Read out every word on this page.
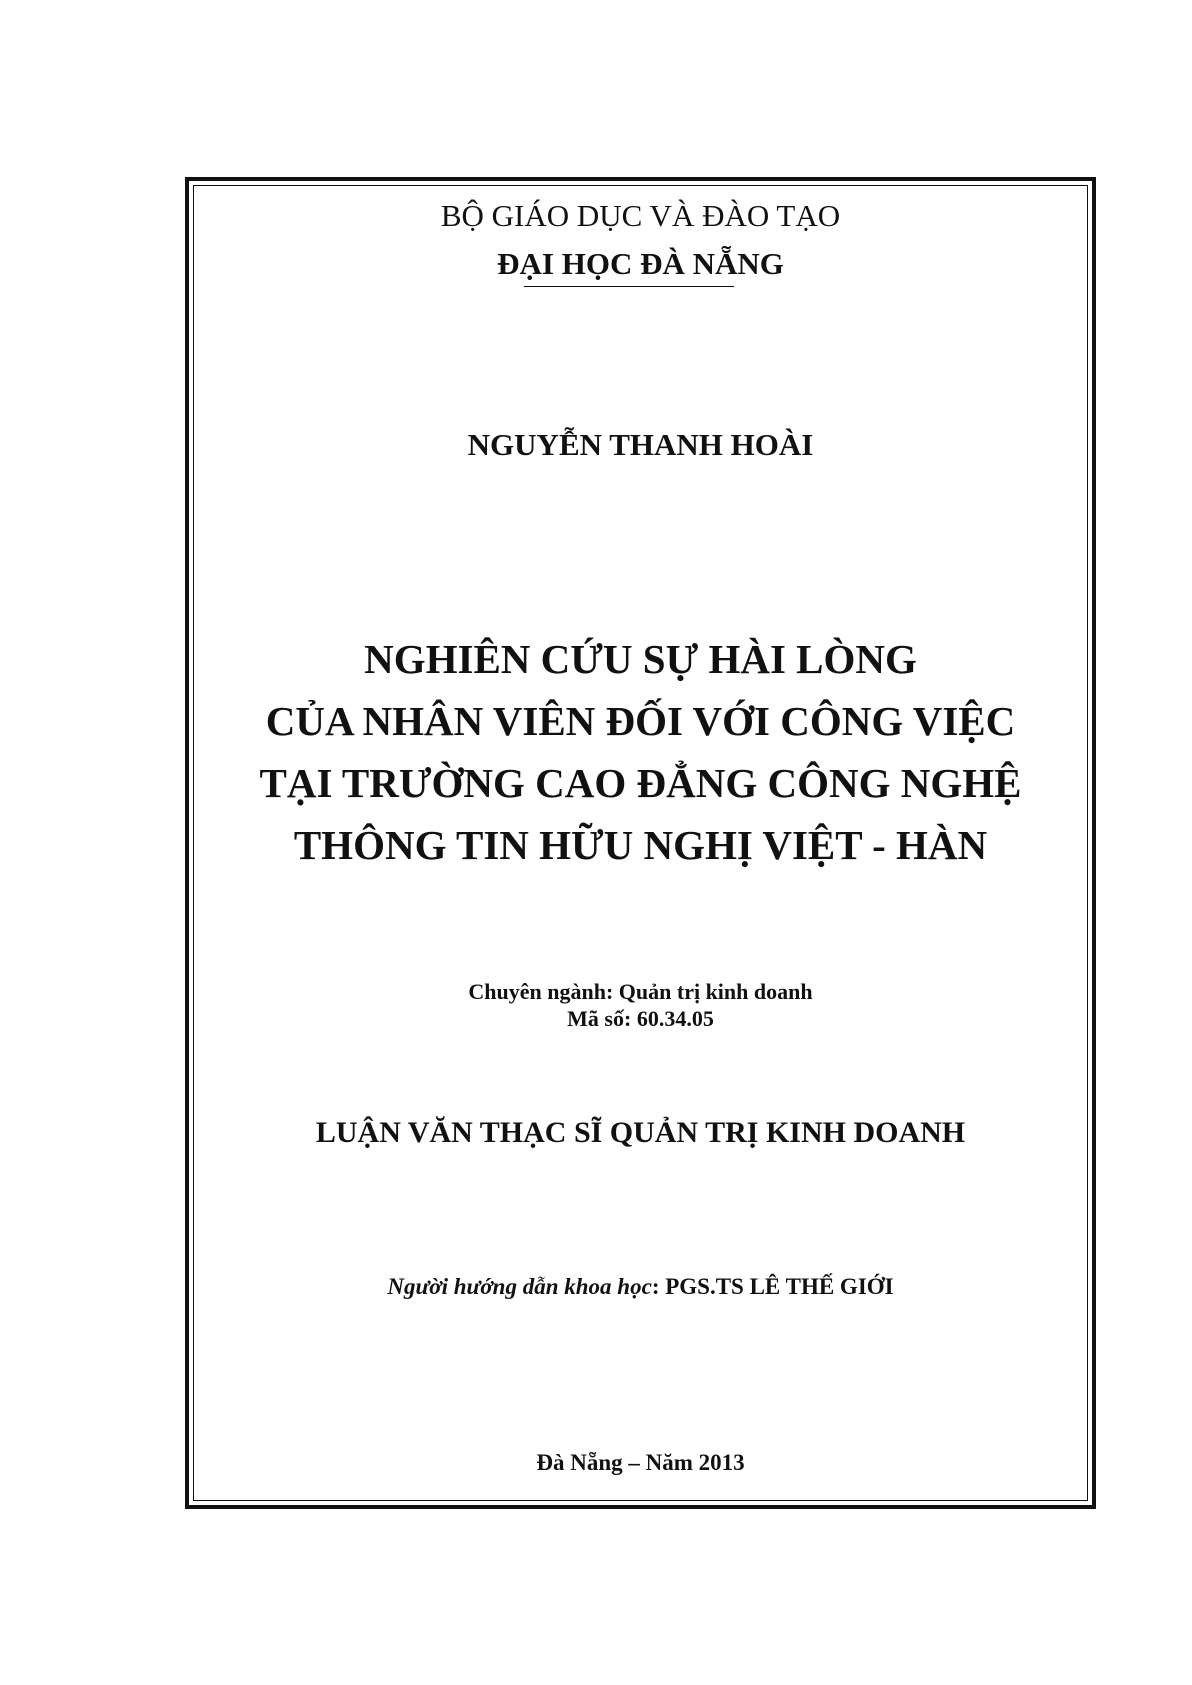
BỘ GIÁO DỤC VÀ ĐÀO TẠO

ĐẠI HỌC ĐÀ NẴNG

NGUYỄN THANH HOÀI

NGHIÊN CỨU SỰ HÀI LÒNG
CỦA NHÂN VIÊN ĐỐI VỚI CÔNG VIỆC
TẠI TRƯỜNG CAO ĐẲNG CÔNG NGHỆ
THÔNG TIN HỮU NGHỊ VIỆT - HÀN

Chuyên ngành: Quản trị kinh doanh

Mã số: 60.34.05

LUẬN VĂN THẠC SĨ QUẢN TRỊ KINH DOANH

Người hướng dẫn khoa học: PGS.TS LÊ THẾ GIỚI

Đà Nẵng – Năm 2013
